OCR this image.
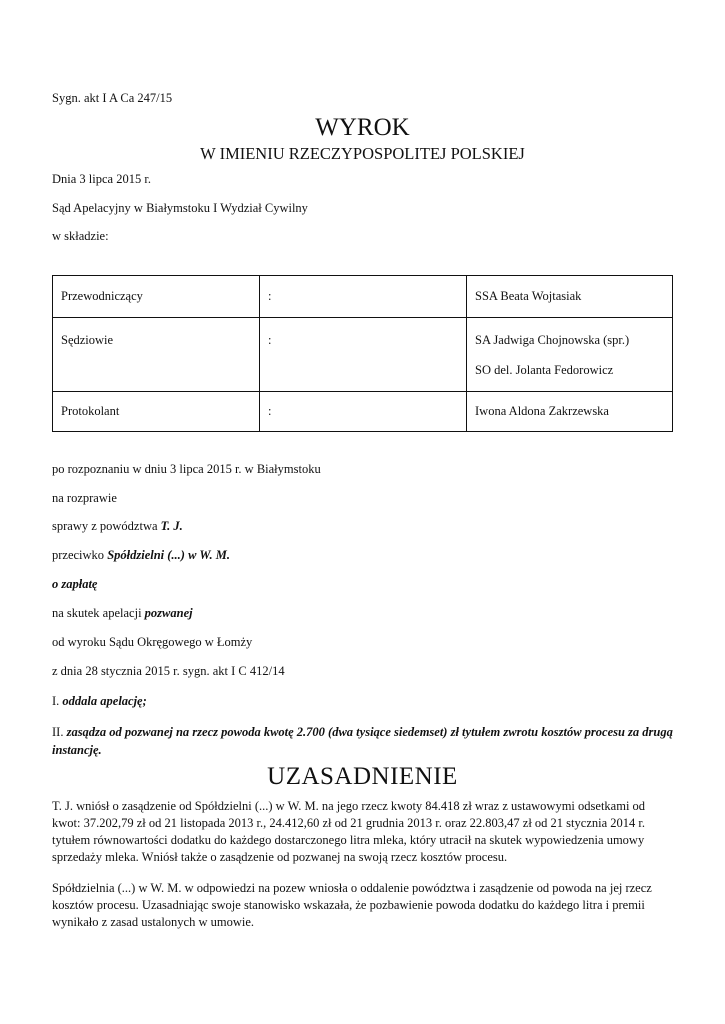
Sygn. akt I A Ca 247/15
WYROK
W IMIENIU RZECZYPOSPOLITEJ POLSKIEJ
Dnia 3 lipca 2015 r.
Sąd Apelacyjny w Białymstoku I Wydział Cywilny
w składzie:
Przewodniczący	:	SSA Beata Wojtasiak
Sędziowie	:	SA Jadwiga Chojnowska (spr.)
SO del. Jolanta Fedorowicz

Protokolant	:	Iwona Aldona Zakrzewska
po rozpoznaniu w dniu 3 lipca 2015 r. w Białymstoku
na rozprawie
sprawy z powództwa T. J.
przeciwko Spółdzielni (...) w W. M.
o zapłatę
na skutek apelacji pozwanej
od wyroku Sądu Okręgowego w Łomży
z dnia 28 stycznia 2015 r. sygn. akt I C 412/14
I. oddala apelację;
II. zasądza od pozwanej na rzecz powoda kwotę 2.700 (dwa tysiące siedemset) zł tytułem zwrotu kosztów procesu za drugą instancję.
UZASADNIENIE
T. J. wniósł o zasądzenie od Spółdzielni (...) w W. M. na jego rzecz kwoty 84.418 zł wraz z ustawowymi odsetkami od kwot: 37.202,79 zł od 21 listopada 2013 r., 24.412,60 zł od 21 grudnia 2013 r. oraz 22.803,47 zł od 21 stycznia 2014 r. tytułem równowartości dodatku do każdego dostarczonego litra mleka, który utracił na skutek wypowiedzenia umowy sprzedaży mleka. Wniósł także o zasądzenie od pozwanej na swoją rzecz kosztów procesu.
Spółdzielnia (...) w W. M. w odpowiedzi na pozew wniosła o oddalenie powództwa i zasądzenie od powoda na jej rzecz kosztów procesu. Uzasadniając swoje stanowisko wskazała, że pozbawienie powoda dodatku do każdego litra i premii wynikało z zasad ustalonych w umowie.
